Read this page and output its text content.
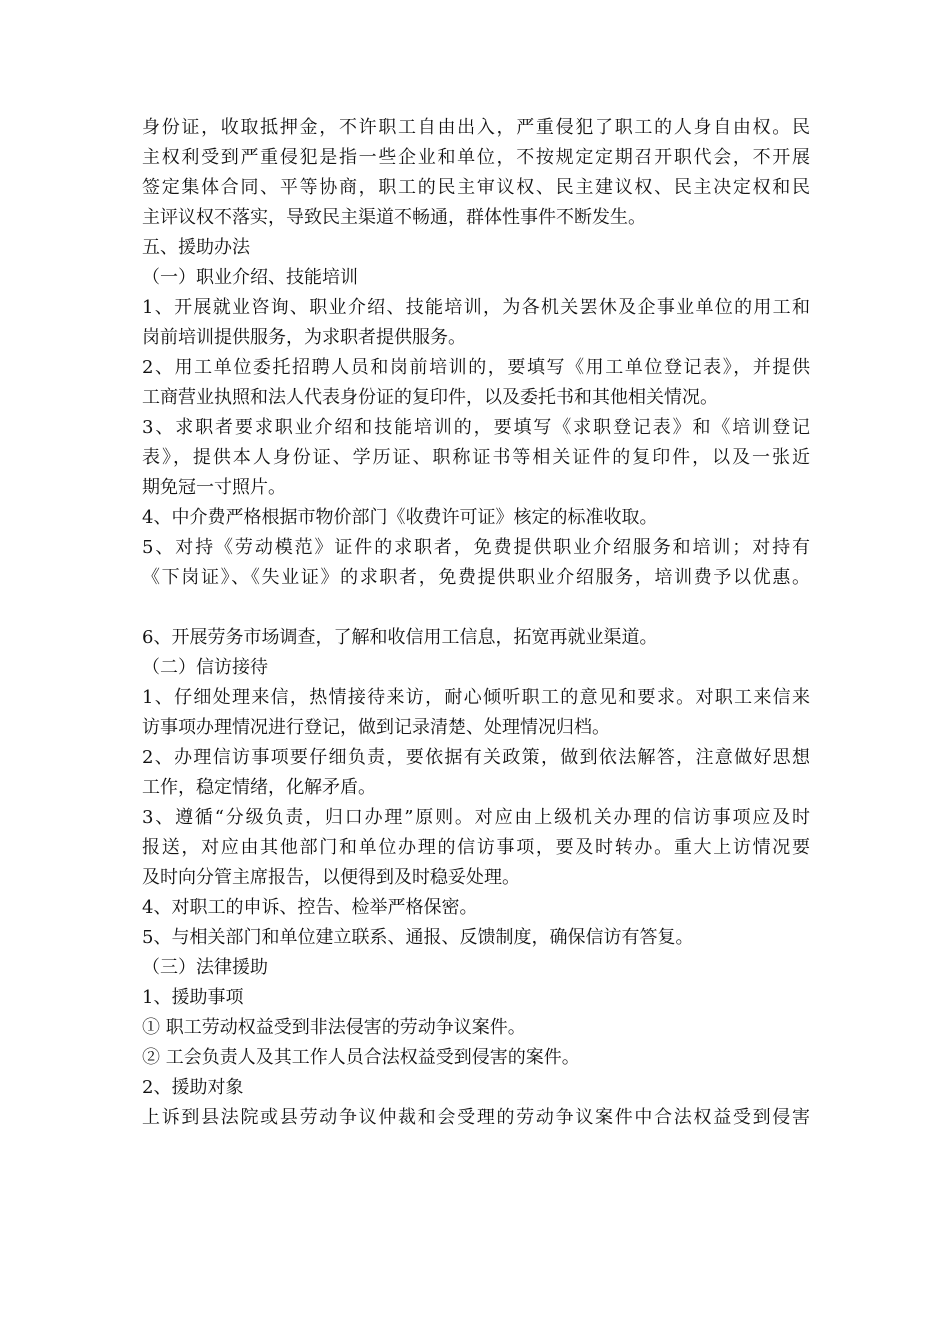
身份证，收取抵押金，不许职工自由出入，严重侵犯了职工的人身自由权。民
主权利受到严重侵犯是指一些企业和单位，不按规定定期召开职代会，不开展
签定集体合同、平等协商，职工的民主审议权、民主建议权、民主决定权和民
主评议权不落实，导致民主渠道不畅通，群体性事件不断发生。
五、援助办法
（一）职业介绍、技能培训
1、开展就业咨询、职业介绍、技能培训，为各机关罢休及企事业单位的用工和
岗前培训提供服务，为求职者提供服务。
2、用工单位委托招聘人员和岗前培训的，要填写《用工单位登记表》，并提供
工商营业执照和法人代表身份证的复印件，以及委托书和其他相关情况。
3、求职者要求职业介绍和技能培训的，要填写《求职登记表》和《培训登记
表》，提供本人身份证、学历证、职称证书等相关证件的复印件，以及一张近
期免冠一寸照片。
4、中介费严格根据市物价部门《收费许可证》核定的标准收取。
5、对持《劳动模范》证件的求职者，免费提供职业介绍服务和培训；对持有
《下岗证》、《失业证》的求职者，免费提供职业介绍服务，培训费予以优惠。
6、开展劳务市场调查，了解和收信用工信息，拓宽再就业渠道。
（二）信访接待
1、仔细处理来信，热情接待来访，耐心倾听职工的意见和要求。对职工来信来
访事项办理情况进行登记，做到记录清楚、处理情况归档。
2、办理信访事项要仔细负责，要依据有关政策，做到依法解答，注意做好思想
工作，稳定情绪，化解矛盾。
3、遵循“分级负责，归口办理”原则。对应由上级机关办理的信访事项应及时
报送，对应由其他部门和单位办理的信访事项，要及时转办。重大上访情况要
及时向分管主席报告，以便得到及时稳妥处理。
4、对职工的申诉、控告、检举严格保密。
5、与相关部门和单位建立联系、通报、反馈制度，确保信访有答复。
（三）法律援助
1、援助事项
① 职工劳动权益受到非法侵害的劳动争议案件。
② 工会负责人及其工作人员合法权益受到侵害的案件。
2、援助对象
上诉到县法院或县劳动争议仲裁和会受理的劳动争议案件中合法权益受到侵害
